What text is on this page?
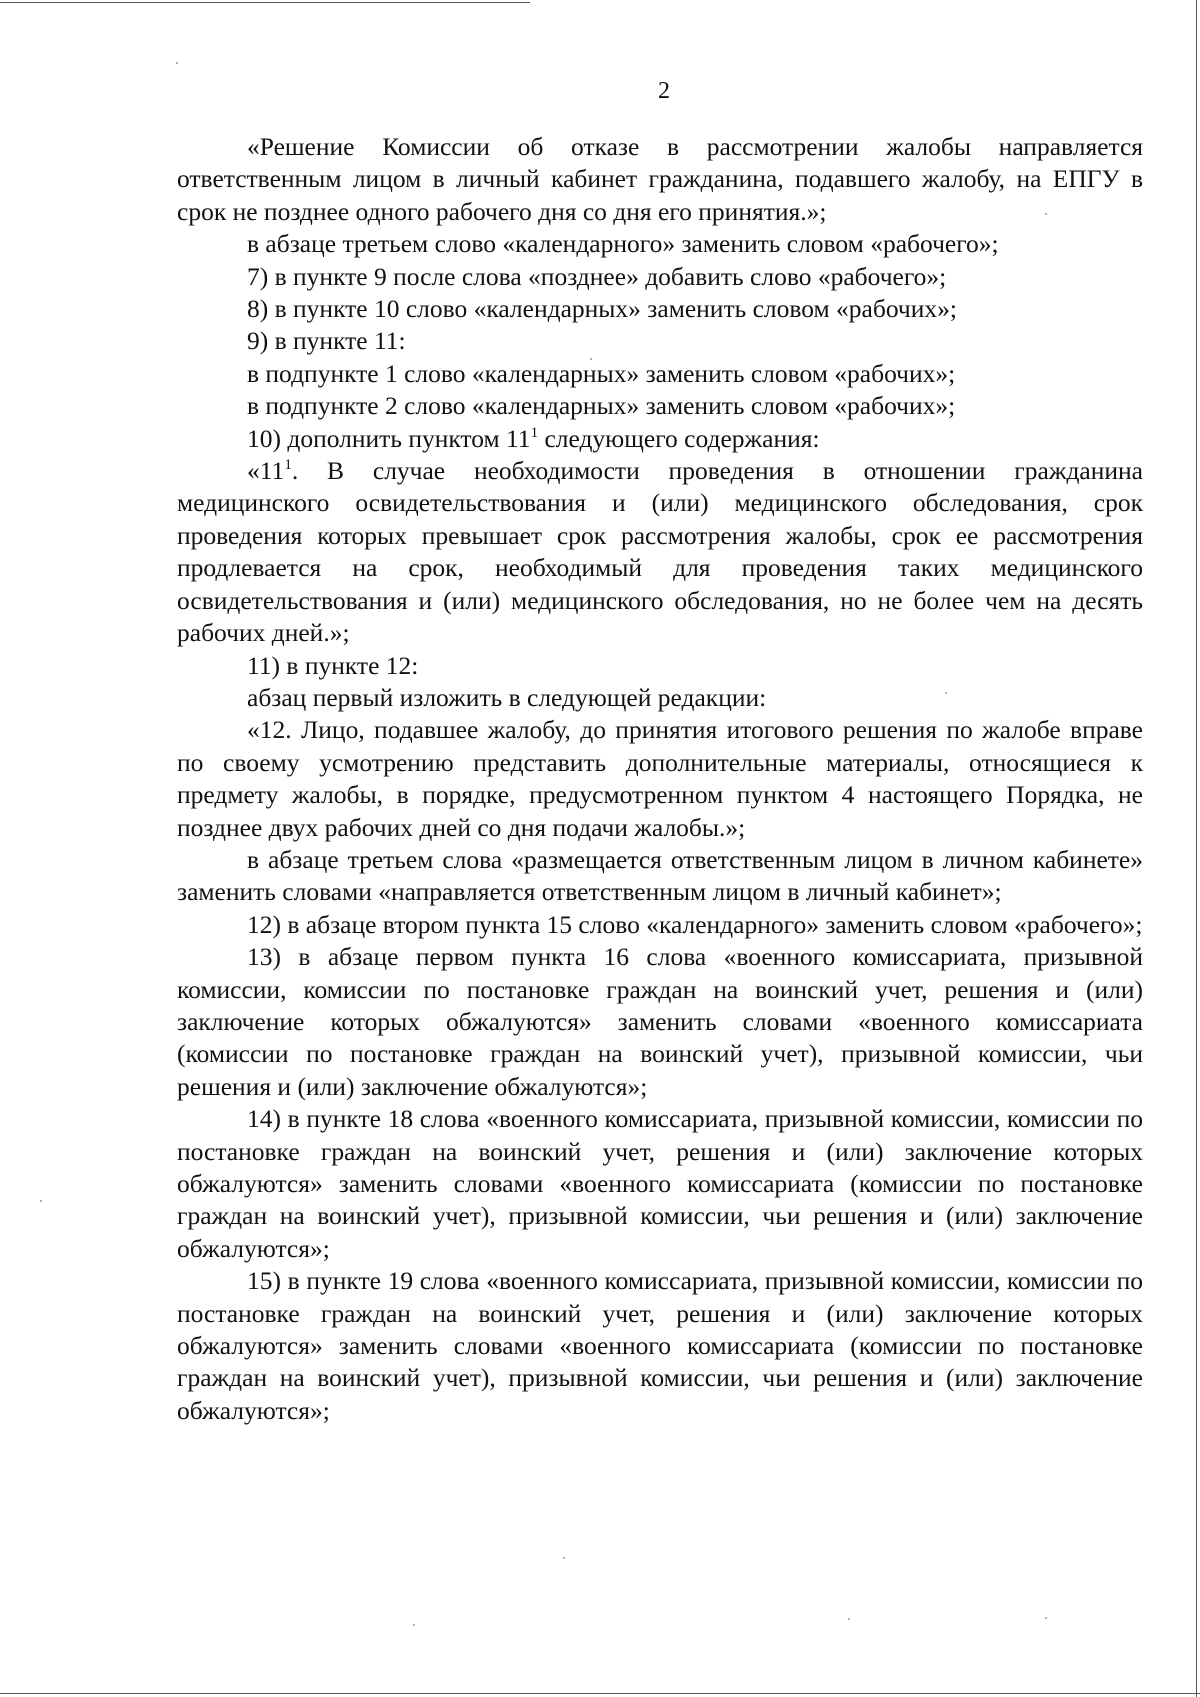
2

«Решение Комиссии об отказе в рассмотрении жалобы направляется ответственным лицом в личный кабинет гражданина, подавшего жалобу, на ЕПГУ в срок не позднее одного рабочего дня со дня его принятия.»;

в абзаце третьем слово «календарного» заменить словом «рабочего»;

7) в пункте 9 после слова «позднее» добавить слово «рабочего»;

8) в пункте 10 слово «календарных» заменить словом «рабочих»;

9) в пункте 11:

в подпункте 1 слово «календарных» заменить словом «рабочих»;

в подпункте 2 слово «календарных» заменить словом «рабочих»;

10) дополнить пунктом $11^1$ следующего содержания:

«$11^1$. В случае необходимости проведения в отношении гражданина медицинского освидетельствования и (или) медицинского обследования, срок проведения которых превышает срок рассмотрения жалобы, срок ее рассмотрения продлевается на срок, необходимый для проведения таких медицинского освидетельствования и (или) медицинского обследования, но не более чем на десять рабочих дней.»;

11) в пункте 12:

абзац первый изложить в следующей редакции:

«12. Лицо, подавшее жалобу, до принятия итогового решения по жалобе вправе по своему усмотрению представить дополнительные материалы, относящиеся к предмету жалобы, в порядке, предусмотренном пунктом 4 настоящего Порядка, не позднее двух рабочих дней со дня подачи жалобы.»;

в абзаце третьем слова «размещается ответственным лицом в личном кабинете» заменить словами «направляется ответственным лицом в личный кабинет»;

12) в абзаце втором пункта 15 слово «календарного» заменить словом «рабочего»;

13) в абзаце первом пункта 16 слова «военного комиссариата, призывной комиссии, комиссии по постановке граждан на воинский учет, решения и (или) заключение которых обжалуются» заменить словами «военного комиссариата (комиссии по постановке граждан на воинский учет), призывной комиссии, чьи решения и (или) заключение обжалуются»;

14) в пункте 18 слова «военного комиссариата, призывной комиссии, комиссии по постановке граждан на воинский учет, решения и (или) заключение которых обжалуются» заменить словами «военного комиссариата (комиссии по постановке граждан на воинский учет), призывной комиссии, чьи решения и (или) заключение обжалуются»;

15) в пункте 19 слова «военного комиссариата, призывной комиссии, комиссии по постановке граждан на воинский учет, решения и (или) заключение которых обжалуются» заменить словами «военного комиссариата (комиссии по постановке граждан на воинский учет), призывной комиссии, чьи решения и (или) заключение обжалуются»;
